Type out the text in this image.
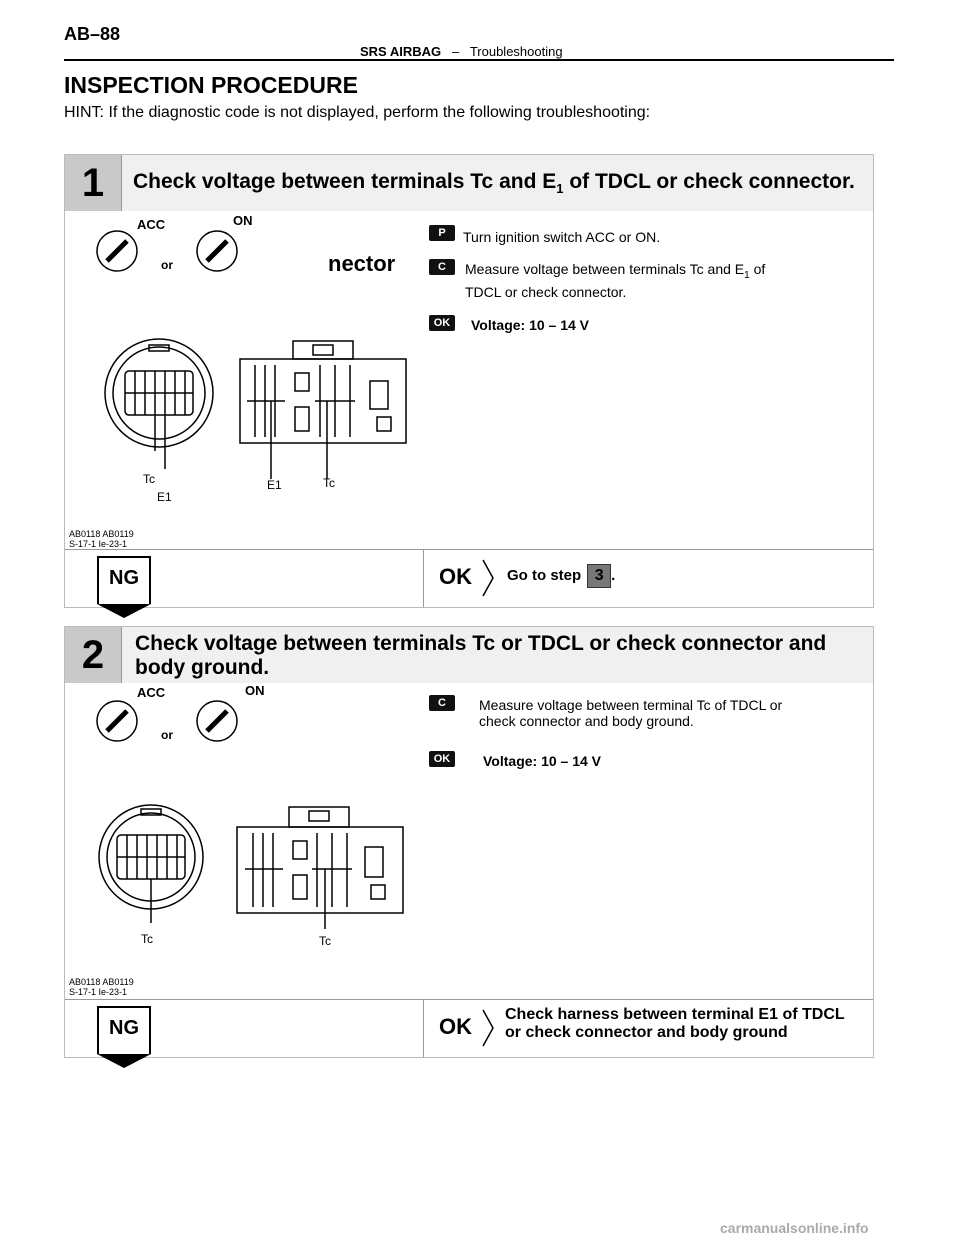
AB–88
SRS AIRBAG – Troubleshooting
INSPECTION PROCEDURE
HINT: If the diagnostic code is not displayed, perform the following troubleshooting:
1	Check voltage between terminals Tc and $E_1$ of TDCL or check connector.
ACC	ON
or
Tc
E1
E1	Tc
nector
AB0118 AB0119
S-17-1 Ie-23-1
P	Turn ignition switch ACC or ON.
C	Measure voltage between terminals Tc and $E_1$ of
TDCL or check connector.
OK	Voltage: 10 – 14 V
NG	OK Go to step 3 .
2	Check voltage between terminals Tc or TDCL or check connector and
body ground.
ACC	ON
or
Tc	Tc
AB0118 AB0119
S-17-1 Ie-23-1
C	Measure voltage between terminal Tc of TDCL or
check connector and body ground.
OK	Voltage: 10 – 14 V
NG	OK Check harness between terminal E1 of TDCL
or check connector and body ground
carmanualsonline.info
